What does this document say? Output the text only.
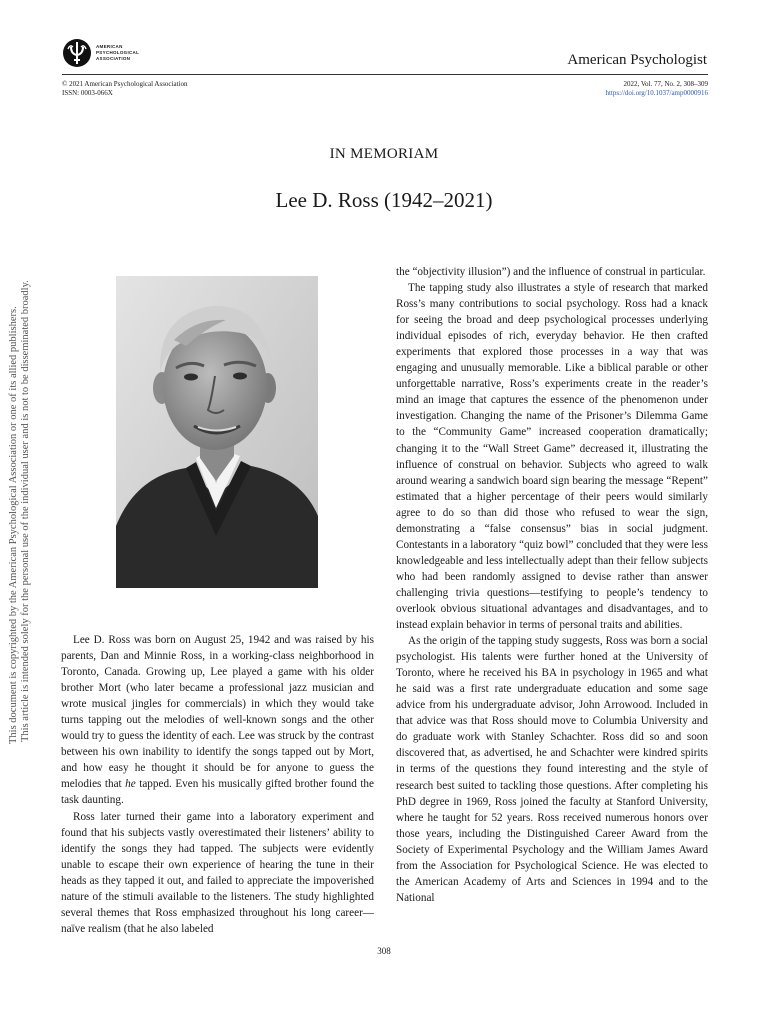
AMERICAN
PSYCHOLOGICAL
ASSOCIATION	American Psychologist
© 2021 American Psychological Association
ISSN: 0003-066X
2022, Vol. 77, No. 2, 308–309
https://doi.org/10.1037/amp0000916
This document is copyrighted by the American Psychological Association or one of its allied publishers. This article is intended solely for the personal use of the individual user and is not to be disseminated broadly.
IN MEMORIAM
Lee D. Ross (1942–2021)

Lee D. Ross was born on August 25, 1942 and was raised by his parents, Dan and Minnie Ross, in a working-class neighborhood in Toronto, Canada. Growing up, Lee played a game with his older brother Mort (who later became a professional jazz musician and wrote musical jingles for commercials) in which they would take turns tapping out the melodies of well-known songs and the other would try to guess the identity of each. Lee was struck by the contrast between his own inability to identify the songs tapped out by Mort, and how easy he thought it should be for anyone to guess the melodies that he tapped. Even his musically gifted brother found the task daunting.

Ross later turned their game into a laboratory experiment and found that his subjects vastly overestimated their listeners’ ability to identify the songs they had tapped. The subjects were evidently unable to escape their own experience of hearing the tune in their heads as they tapped it out, and failed to appreciate the impoverished nature of the stimuli available to the listeners. The study highlighted several themes that Ross emphasized throughout his long career—naïve realism (that he also labeled

the “objectivity illusion”) and the influence of construal in particular.

The tapping study also illustrates a style of research that marked Ross’s many contributions to social psychology. Ross had a knack for seeing the broad and deep psychological processes underlying individual episodes of rich, everyday behavior. He then crafted experiments that explored those processes in a way that was engaging and unusually memorable. Like a biblical parable or other unforgettable narrative, Ross’s experiments create in the reader’s mind an image that captures the essence of the phenomenon under investigation. Changing the name of the Prisoner’s Dilemma Game to the “Community Game” increased cooperation dramatically; changing it to the “Wall Street Game” decreased it, illustrating the influence of construal on behavior. Subjects who agreed to walk around wearing a sandwich board sign bearing the message “Repent” estimated that a higher percentage of their peers would similarly agree to do so than did those who refused to wear the sign, demonstrating a “false consensus” bias in social judgment. Contestants in a laboratory “quiz bowl” concluded that they were less knowledgeable and less intellectually adept than their fellow subjects who had been randomly assigned to devise rather than answer challenging trivia questions—testifying to people’s tendency to overlook obvious situational advantages and disadvantages, and to instead explain behavior in terms of personal traits and abilities.

As the origin of the tapping study suggests, Ross was born a social psychologist. His talents were further honed at the University of Toronto, where he received his BA in psychology in 1965 and what he said was a first rate undergraduate education and some sage advice from his undergraduate advisor, John Arrowood. Included in that advice was that Ross should move to Columbia University and do graduate work with Stanley Schachter. Ross did so and soon discovered that, as advertised, he and Schachter were kindred spirits in terms of the questions they found interesting and the style of research best suited to tackling those questions. After completing his PhD degree in 1969, Ross joined the faculty at Stanford University, where he taught for 52 years. Ross received numerous honors over those years, including the Distinguished Career Award from the Society of Experimental Psychology and the William James Award from the Association for Psychological Science. He was elected to the American Academy of Arts and Sciences in 1994 and to the National

308
